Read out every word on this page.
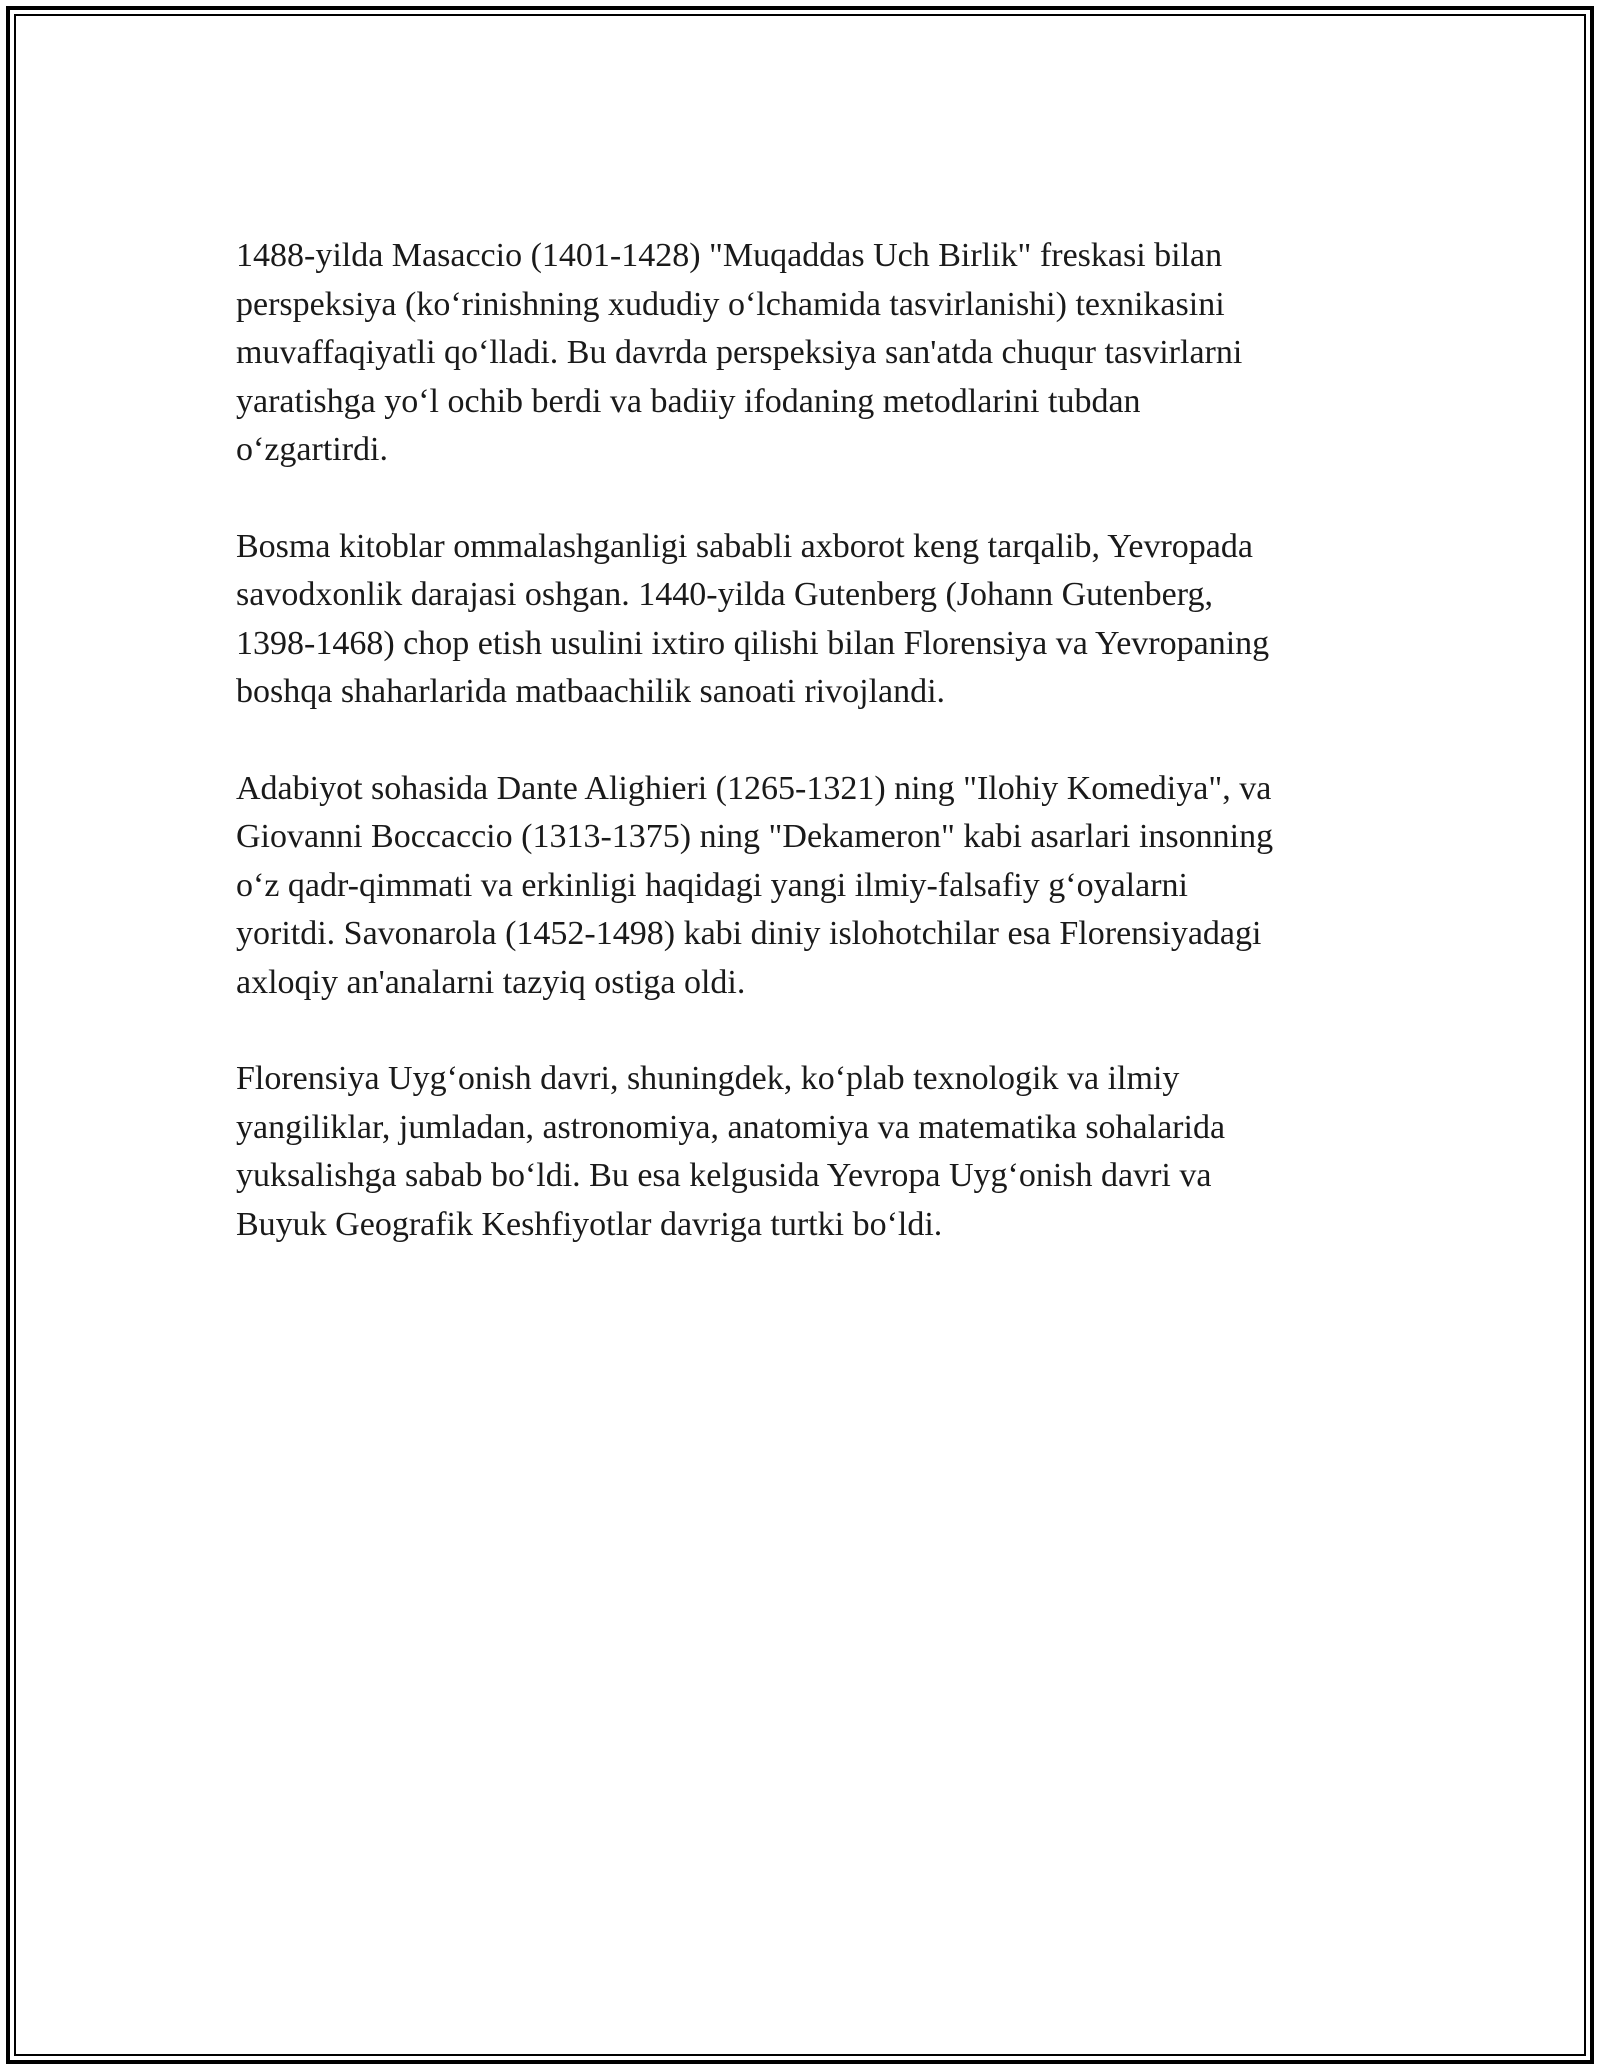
1488-yilda Masaccio (1401-1428) "Muqaddas Uch Birlik" freskasi bilan
perspeksiya (ko‘rinishning xududiy o‘lchamida tasvirlanishi) texnikasini
muvaffaqiyatli qo‘lladi. Bu davrda perspeksiya san'atda chuqur tasvirlarni
yaratishga yo‘l ochib berdi va badiiy ifodaning metodlarini tubdan
o‘zgartirdi.

Bosma kitoblar ommalashganligi sababli axborot keng tarqalib, Yevropada
savodxonlik darajasi oshgan. 1440-yilda Gutenberg (Johann Gutenberg,
1398-1468) chop etish usulini ixtiro qilishi bilan Florensiya va Yevropaning
boshqa shaharlarida matbaachilik sanoati rivojlandi.

Adabiyot sohasida Dante Alighieri (1265-1321) ning "Ilohiy Komediya", va
Giovanni Boccaccio (1313-1375) ning "Dekameron" kabi asarlari insonning
o‘z qadr-qimmati va erkinligi haqidagi yangi ilmiy-falsafiy g‘oyalarni
yoritdi. Savonarola (1452-1498) kabi diniy islohotchilar esa Florensiyadagi
axloqiy an'analarni tazyiq ostiga oldi.

Florensiya Uyg‘onish davri, shuningdek, ko‘plab texnologik va ilmiy
yangiliklar, jumladan, astronomiya, anatomiya va matematika sohalarida
yuksalishga sabab bo‘ldi. Bu esa kelgusida Yevropa Uyg‘onish davri va
Buyuk Geografik Keshfiyotlar davriga turtki bo‘ldi.
